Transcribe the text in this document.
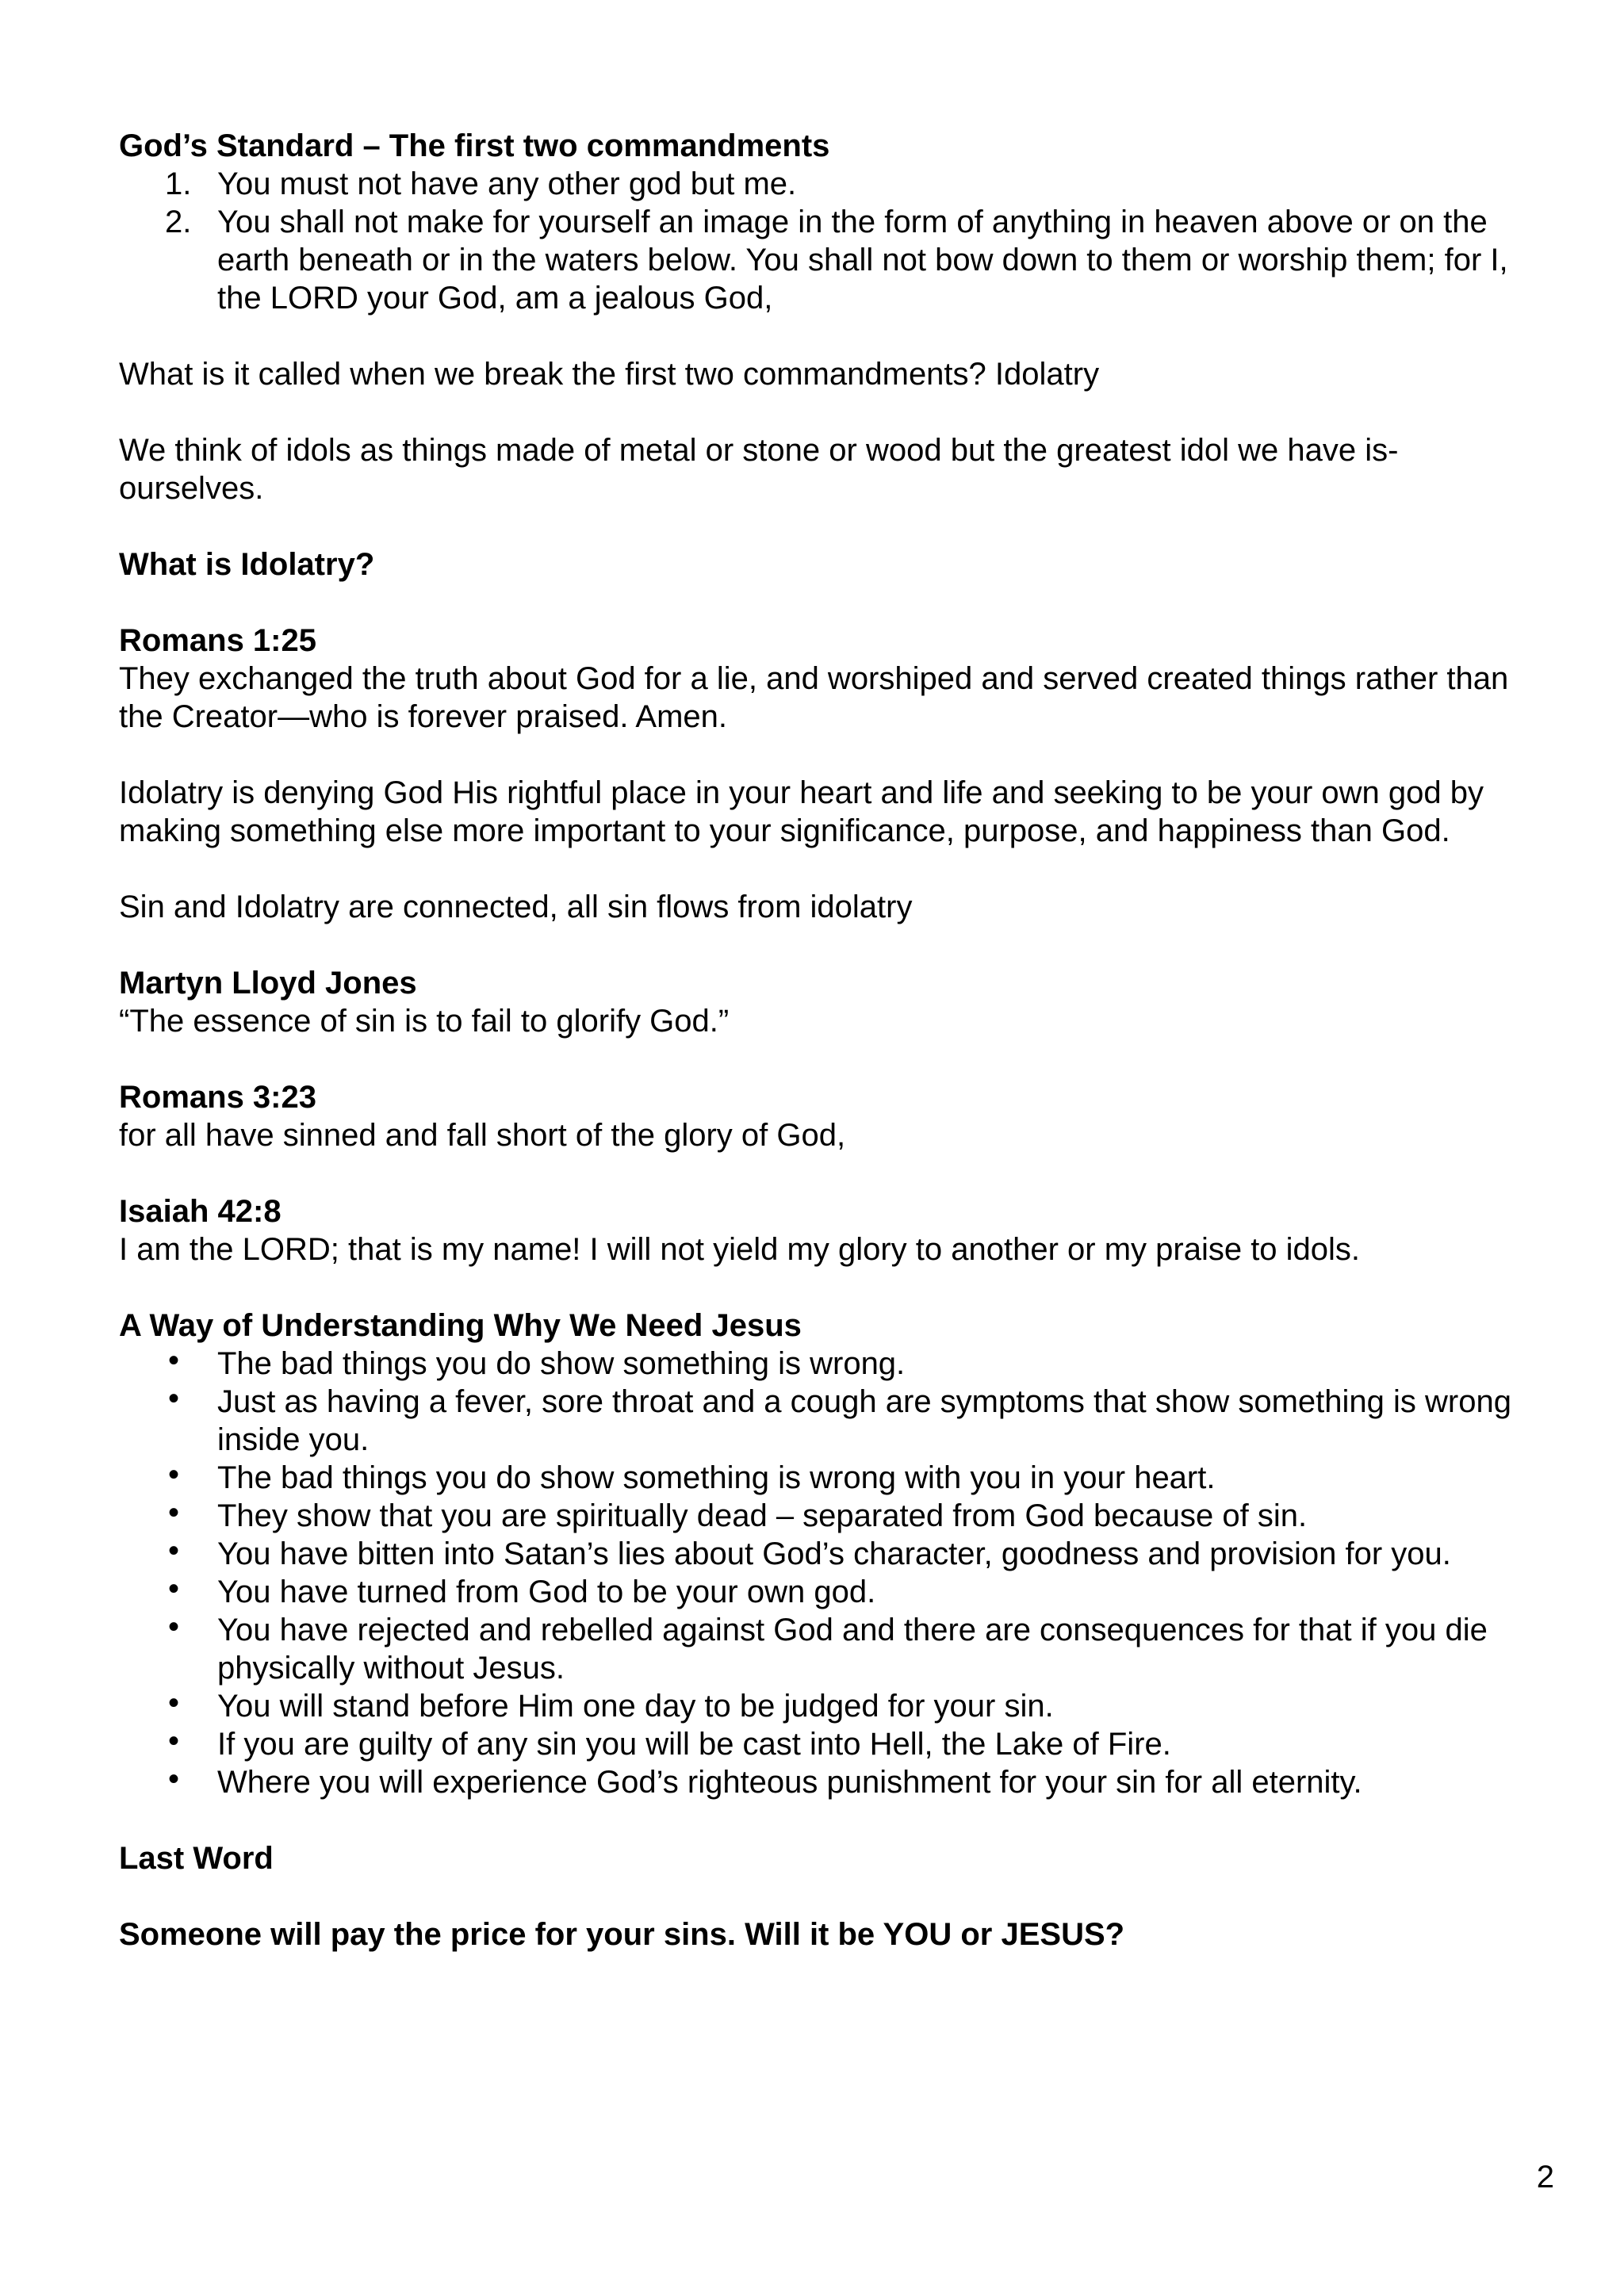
God’s Standard – The first two commandments

1. You must not have any other god but me.
2. You shall not make for yourself an image in the form of anything in heaven above or on the earth beneath or in the waters below. You shall not bow down to them or worship them; for I, the LORD your God, am a jealous God,

What is it called when we break the first two commandments? Idolatry

We think of idols as things made of metal or stone or wood but the greatest idol we have is-ourselves.

What is Idolatry?

Romans 1:25

They exchanged the truth about God for a lie, and worshiped and served created things rather than the Creator—who is forever praised. Amen.

Idolatry is denying God His rightful place in your heart and life and seeking to be your own god by making something else more important to your significance, purpose, and happiness than God.

Sin and Idolatry are connected, all sin flows from idolatry

Martyn Lloyd Jones

“The essence of sin is to fail to glorify God.”

Romans 3:23

for all have sinned and fall short of the glory of God,

Isaiah 42:8

I am the LORD; that is my name! I will not yield my glory to another or my praise to idols.

A Way of Understanding Why We Need Jesus

• The bad things you do show something is wrong.
• Just as having a fever, sore throat and a cough are symptoms that show something is wrong inside you.
• The bad things you do show something is wrong with you in your heart.
• They show that you are spiritually dead – separated from God because of sin.
• You have bitten into Satan’s lies about God’s character, goodness and provision for you.
• You have turned from God to be your own god.
• You have rejected and rebelled against God and there are consequences for that if you die physically without Jesus.
• You will stand before Him one day to be judged for your sin.
• If you are guilty of any sin you will be cast into Hell, the Lake of Fire.
• Where you will experience God’s righteous punishment for your sin for all eternity.

Last Word

Someone will pay the price for your sins. Will it be YOU or JESUS?

2
